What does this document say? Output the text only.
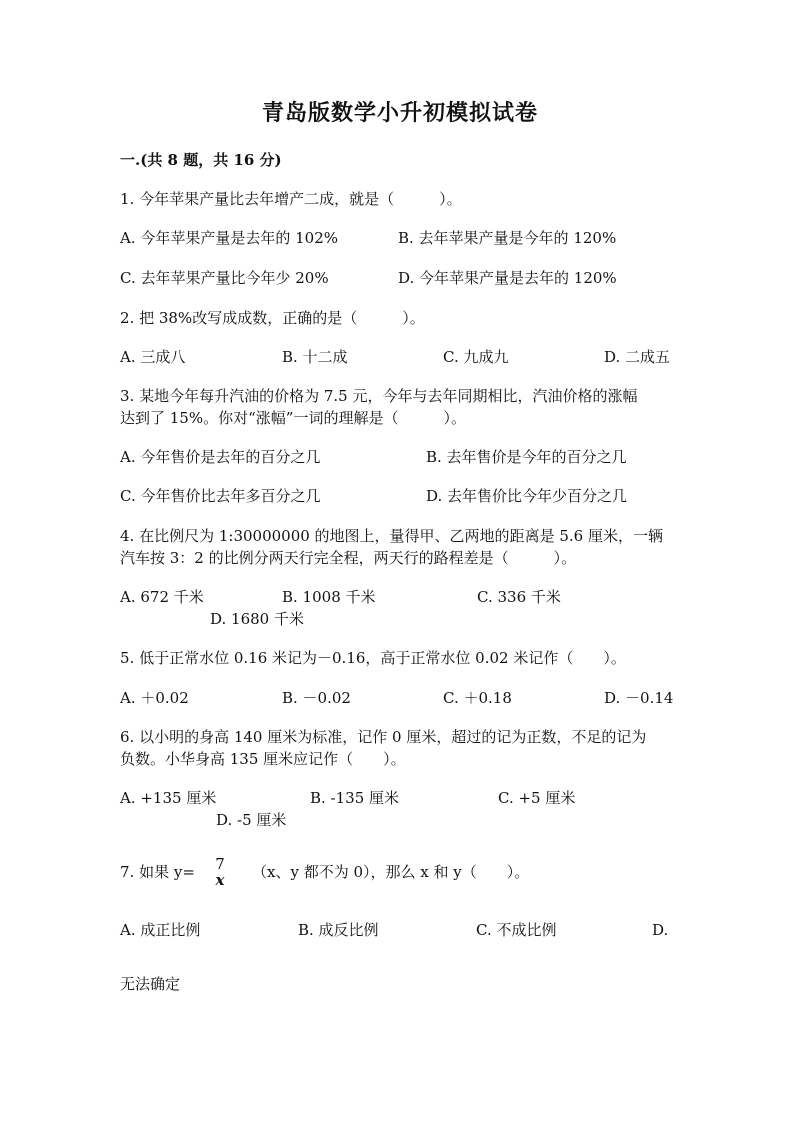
青岛版数学小升初模拟试卷
一.(共 8 题，共 16 分)
1. 今年苹果产量比去年增产二成，就是（　　　）。
A. 今年苹果产量是去年的 102%	B. 去年苹果产量是今年的 120%
C. 去年苹果产量比今年少 20%	D. 今年苹果产量是去年的 120%
2. 把 38%改写成成数，正确的是（　　　）。
A. 三成八	B. 十二成	C. 九成九	D. 二成五
3. 某地今年每升汽油的价格为 7.5 元，今年与去年同期相比，汽油价格的涨幅
达到了 15%。你对“涨幅”一词的理解是（　　　）。
A. 今年售价是去年的百分之几	B. 去年售价是今年的百分之几
C. 今年售价比去年多百分之几	D. 去年售价比今年少百分之几
4. 在比例尺为 1:30000000 的地图上，量得甲、乙两地的距离是 5.6 厘米，一辆
汽车按 3：2 的比例分两天行完全程，两天行的路程差是（　　　）。
A. 672 千米	B. 1008 千米	C. 336 千米
D. 1680 千米
5. 低于正常水位 0.16 米记为－0.16，高于正常水位 0.02 米记作（　　）。
A. ＋0.02	B. －0.02	C. ＋0.18	D. －0.14
6. 以小明的身高 140 厘米为标准，记作 0 厘米，超过的记为正数，不足的记为
负数。小华身高 135 厘米应记作（　　）。
A. +135 厘米	B. -135 厘米	C. +5 厘米
D. -5 厘米
7. 如果 y=	7
x	（x、y 都不为 0），那么 x 和 y（　　）。
A. 成正比例	B. 成反比例	C. 不成比例	D.
无法确定
